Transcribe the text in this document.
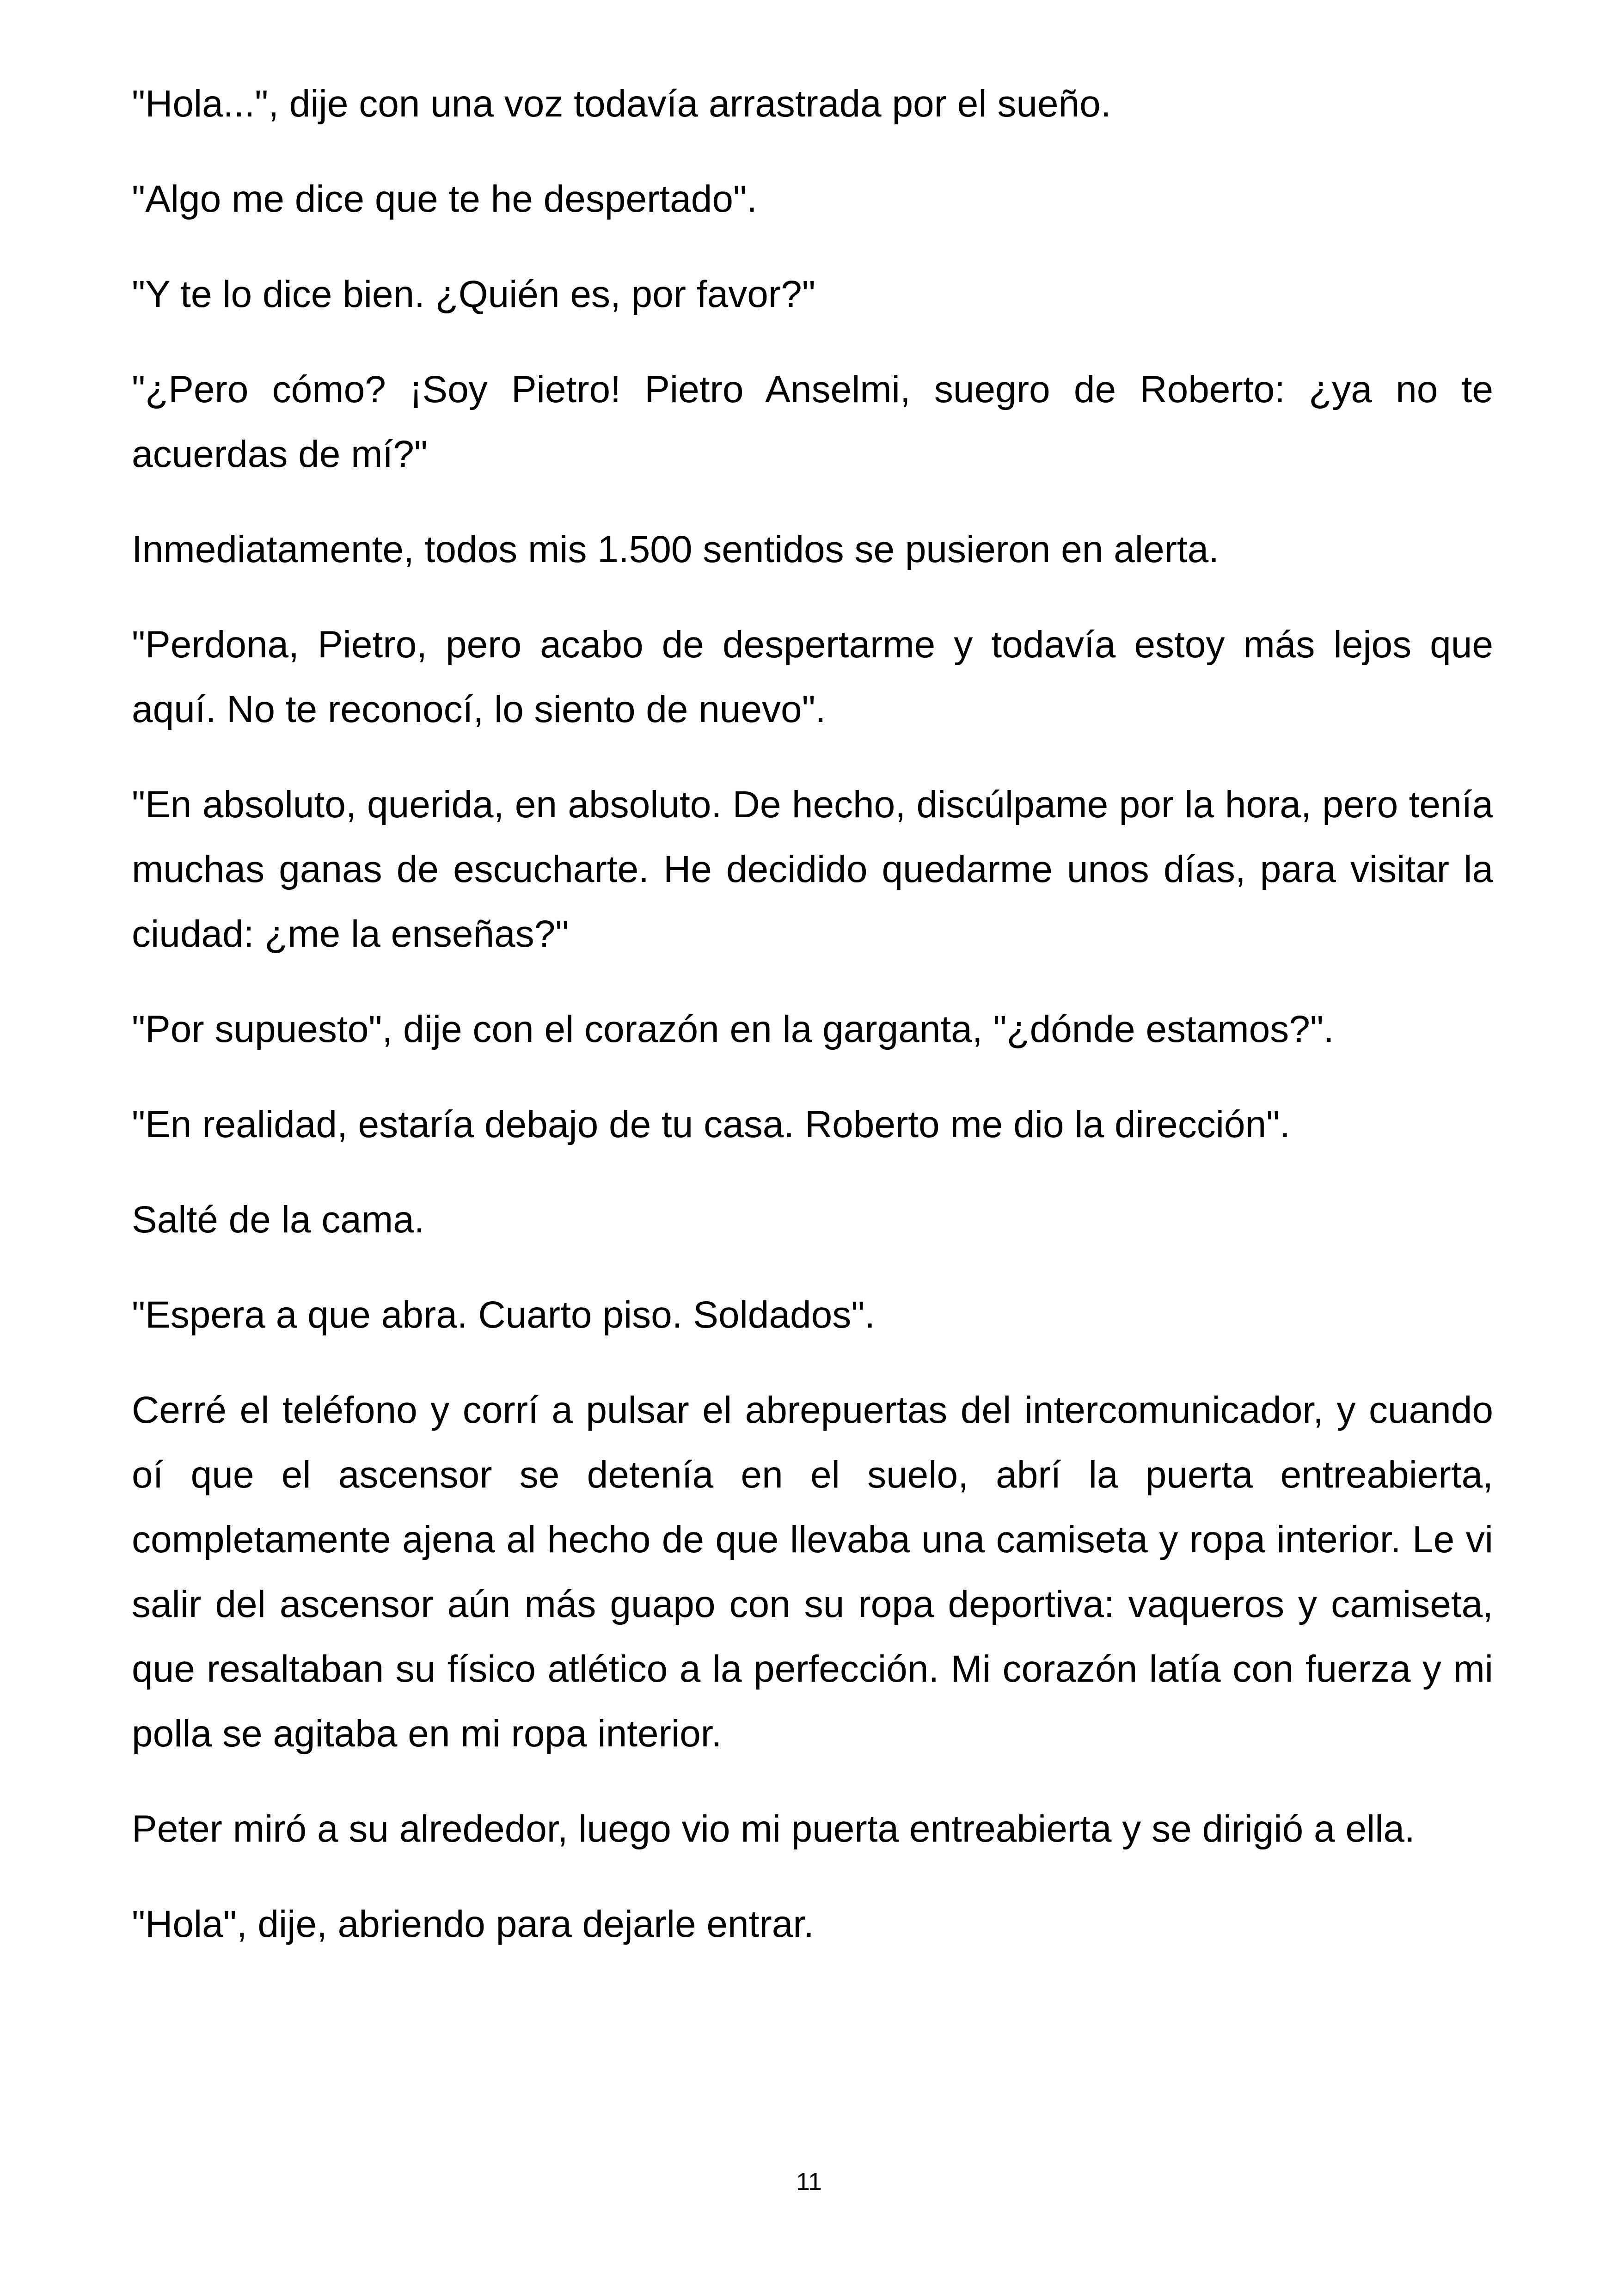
"Hola...", dije con una voz todavía arrastrada por el sueño.

"Algo me dice que te he despertado".

"Y te lo dice bien. ¿Quién es, por favor?"

"¿Pero cómo? ¡Soy Pietro! Pietro Anselmi, suegro de Roberto: ¿ya no te acuerdas de mí?"

Inmediatamente, todos mis 1.500 sentidos se pusieron en alerta.

"Perdona, Pietro, pero acabo de despertarme y todavía estoy más lejos que aquí. No te reconocí, lo siento de nuevo".

"En absoluto, querida, en absoluto. De hecho, discúlpame por la hora, pero tenía muchas ganas de escucharte. He decidido quedarme unos días, para visitar la ciudad: ¿me la enseñas?"

"Por supuesto", dije con el corazón en la garganta, "¿dónde estamos?".

"En realidad, estaría debajo de tu casa. Roberto me dio la dirección".

Salté de la cama.

"Espera a que abra. Cuarto piso. Soldados".

Cerré el teléfono y corrí a pulsar el abrepuertas del intercomunicador, y cuando oí que el ascensor se detenía en el suelo, abrí la puerta entreabierta, completamente ajena al hecho de que llevaba una camiseta y ropa interior. Le vi salir del ascensor aún más guapo con su ropa deportiva: vaqueros y camiseta, que resaltaban su físico atlético a la perfección. Mi corazón latía con fuerza y mi polla se agitaba en mi ropa interior.

Peter miró a su alrededor, luego vio mi puerta entreabierta y se dirigió a ella.

"Hola", dije, abriendo para dejarle entrar.

11
